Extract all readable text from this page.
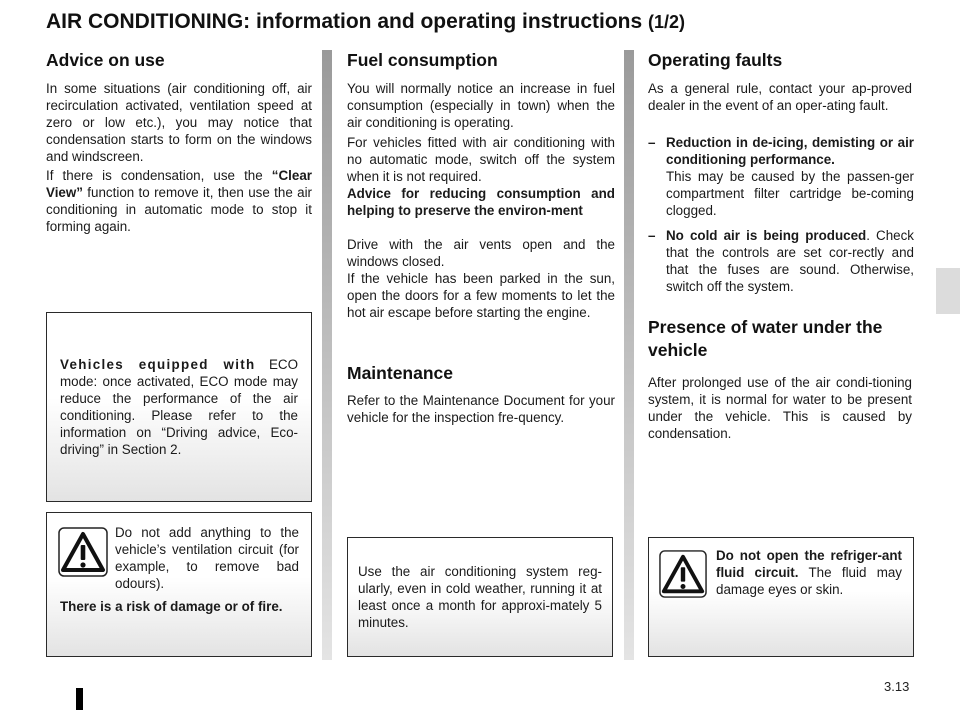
AIR CONDITIONING: information and operating instructions (1/2)
Advice on use

In some situations (air conditioning off, air recirculation activated, ventilation speed at zero or low etc.), you may notice that condensation starts to form on the windows and windscreen.

If there is condensation, use the “Clear View” function to remove it, then use the air conditioning in automatic mode to stop it forming again.

Vehicles equipped with ECO mode: once activated, ECO mode may reduce the performance of the air conditioning. Please refer to the information on “Driving advice, Eco-driving” in Section 2.

Do not add anything to the vehicle’s ventilation circuit (for example, to remove bad odours).

There is a risk of damage or of fire.

Fuel consumption

You will normally notice an increase in fuel consumption (especially in town) when the air conditioning is operating.

For vehicles fitted with air conditioning with no automatic mode, switch off the system when it is not required.

Advice for reducing consumption and helping to preserve the environ-ment

Drive with the air vents open and the windows closed.

If the vehicle has been parked in the sun, open the doors for a few moments to let the hot air escape before starting the engine.

Maintenance

Refer to the Maintenance Document for your vehicle for the inspection fre-quency.

Use the air conditioning system reg-ularly, even in cold weather, running it at least once a month for approxi-mately 5 minutes.

Operating faults

As a general rule, contact your ap-proved dealer in the event of an oper-ating fault.

– Reduction in de-icing, demisting or air conditioning performance.
This may be caused by the passen-ger compartment filter cartridge be-coming clogged.
– No cold air is being produced. Check that the controls are set cor-rectly and that the fuses are sound. Otherwise, switch off the system.
Presence of water under the vehicle

After prolonged use of the air condi-tioning system, it is normal for water to be present under the vehicle. This is caused by condensation.

Do not open the refriger-ant fluid circuit. The fluid may damage eyes or skin.

3.13
